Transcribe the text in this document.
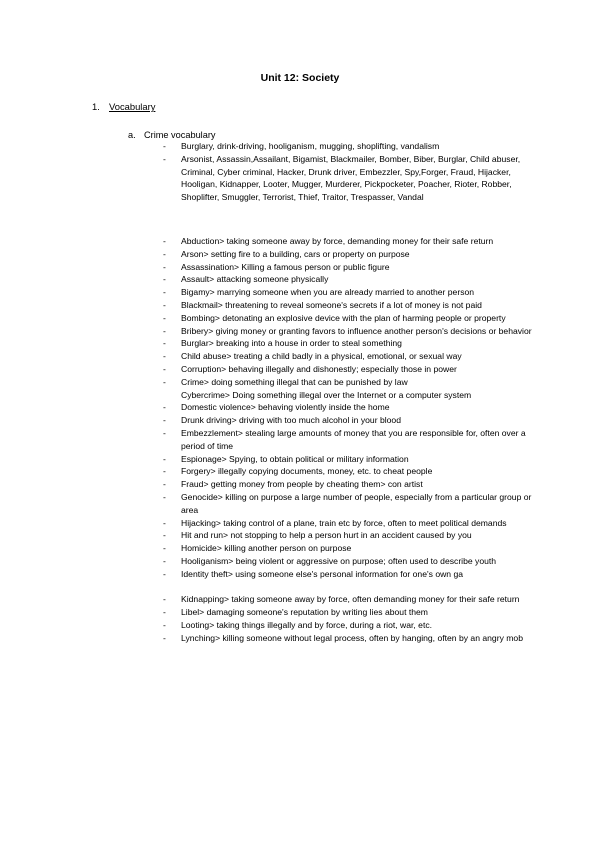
Unit 12: Society
1. Vocabulary
a. Crime vocabulary
- Burglary, drink-driving, hooliganism, mugging, shoplifting, vandalism
- Arsonist, Assassin,Assailant, Bigamist, Blackmailer, Bomber, Biber, Burglar, Child abuser, Criminal, Cyber criminal, Hacker, Drunk driver, Embezzler, Spy,Forger, Fraud, Hijacker, Hooligan, Kidnapper, Looter, Mugger, Murderer, Pickpocketer, Poacher, Rioter, Robber, Shoplifter, Smuggler, Terrorist, Thief, Traitor, Trespasser, Vandal
- Abduction> taking someone away by force, demanding money for their safe return
- Arson> setting fire to a building, cars or property on purpose
- Assassination> Killing a famous person or public figure
- Assault> attacking someone physically
- Bigamy> marrying someone when you are already married to another person
- Blackmail> threatening to reveal someone's secrets if a lot of money is not paid
- Bombing> detonating an explosive device with the plan of harming people or property
- Bribery> giving money or granting favors to influence another person's decisions or behavior
- Burglar> breaking into a house in order to steal something
- Child abuse> treating a child badly in a physical, emotional, or sexual way
- Corruption> behaving illegally and dishonestly; especially those in power
- Crime> doing something illegal that can be punished by law
Cybercrime> Doing something illegal over the Internet or a computer system
- Domestic violence> behaving violently inside the home
- Drunk driving> driving with too much alcohol in your blood
- Embezzlement> stealing large amounts of money that you are responsible for, often over a period of time
- Espionage> Spying, to obtain political or military information
- Forgery> illegally copying documents, money, etc. to cheat people
- Fraud> getting money from people by cheating them> con artist
- Genocide> killing on purpose a large number of people, especially from a particular group or area
- Hijacking> taking control of a plane, train etc by force, often to meet political demands
- Hit and run> not stopping to help a person hurt in an accident caused by you
- Homicide> killing another person on purpose
- Hooliganism> being violent or aggressive on purpose; often used to describe youth
- Identity theft> using someone else's personal information for one's own ga
- Kidnapping> taking someone away by force, often demanding money for their safe return
- Libel> damaging someone's reputation by writing lies about them
- Looting> taking things illegally and by force, during a riot, war, etc.
- Lynching> killing someone without legal process, often by hanging, often by an angry mob
